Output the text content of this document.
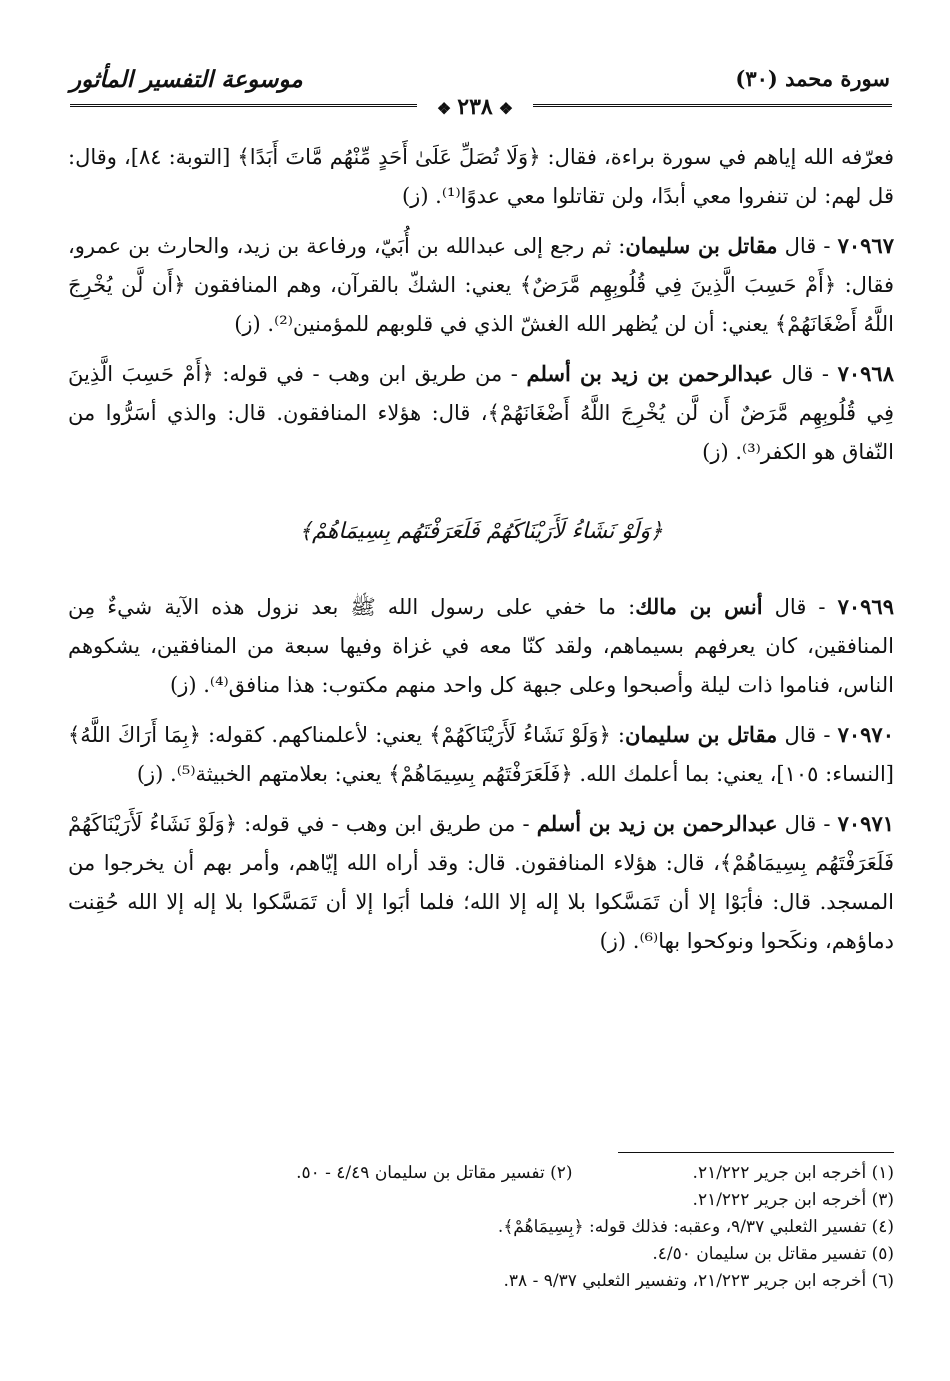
سورة محمد (٣٠)
موسوعة التفسير المأثور
❖ ٢٣٨ ❖

فعرّفه الله إياهم في سورة براءة، فقال: ﴿وَلَا تُصَلِّ عَلَىٰ أَحَدٍ مِّنْهُم مَّاتَ أَبَدًا﴾ [التوبة: ٨٤]، وقال: قل لهم: لن تنفروا معي أبدًا، ولن تقاتلوا معي عدوًا⁽¹⁾. (ز)

٧٠٩٦٧ - قال مقاتل بن سليمان: ثم رجع إلى عبدالله بن أُبَيّ، ورفاعة بن زيد، والحارث بن عمرو، فقال: ﴿أَمْ حَسِبَ الَّذِينَ فِي قُلُوبِهِم مَّرَضٌ﴾ يعني: الشكّ بالقرآن، وهم المنافقون ﴿أَن لَّن يُخْرِجَ اللَّهُ أَضْغَانَهُمْ﴾ يعني: أن لن يُظهر الله الغشّ الذي في قلوبهم للمؤمنين⁽²⁾. (ز)

٧٠٩٦٨ - قال عبدالرحمن بن زيد بن أسلم - من طريق ابن وهب - في قوله: ﴿أَمْ حَسِبَ الَّذِينَ فِي قُلُوبِهِم مَّرَضٌ أَن لَّن يُخْرِجَ اللَّهُ أَضْغَانَهُمْ﴾، قال: هؤلاء المنافقون. قال: والذي أسَرُّوا من النّفاق هو الكفر⁽³⁾. (ز)

﴿وَلَوْ نَشَاءُ لَأَرَيْنَاكَهُمْ فَلَعَرَفْتَهُم بِسِيمَاهُمْ﴾

٧٠٩٦٩ - قال أنس بن مالك: ما خفي على رسول الله ﷺ بعد نزول هذه الآية شيءٌ مِن المنافقين، كان يعرفهم بسيماهم، ولقد كنّا معه في غزاة وفيها سبعة من المنافقين، يشكوهم الناس، فناموا ذات ليلة وأصبحوا وعلى جبهة كل واحد منهم مكتوب: هذا منافق⁽⁴⁾. (ز)

٧٠٩٧٠ - قال مقاتل بن سليمان: ﴿وَلَوْ نَشَاءُ لَأَرَيْنَاكَهُمْ﴾ يعني: لأعلمناكهم. كقوله: ﴿بِمَا أَرَاكَ اللَّهُ﴾ [النساء: ١٠٥]، يعني: بما أعلمك الله. ﴿فَلَعَرَفْتَهُم بِسِيمَاهُمْ﴾ يعني: بعلامتهم الخبيثة⁽⁵⁾. (ز)

٧٠٩٧١ - قال عبدالرحمن بن زيد بن أسلم - من طريق ابن وهب - في قوله: ﴿وَلَوْ نَشَاءُ لَأَرَيْنَاكَهُمْ فَلَعَرَفْتَهُم بِسِيمَاهُمْ﴾، قال: هؤلاء المنافقون. قال: وقد أراه الله إيّاهم، وأمر بهم أن يخرجوا من المسجد. قال: فأبَوْا إلا أن تَمَسَّكوا بلا إله إلا الله؛ فلما أبَوا إلا أن تَمَسَّكوا بلا إله إلا الله حُقِنت دماؤهم، ونكَحوا ونوكحوا بها⁽⁶⁾. (ز)

(١) أخرجه ابن جرير ٢١/٢٢٢.
(٢) تفسير مقاتل بن سليمان ٤/٤٩ - ٥٠.
(٣) أخرجه ابن جرير ٢١/٢٢٢.
(٤) تفسير الثعلبي ٩/٣٧، وعقبه: فذلك قوله: ﴿بِسِيمَاهُمْ﴾.
(٥) تفسير مقاتل بن سليمان ٤/٥٠.
(٦) أخرجه ابن جرير ٢١/٢٢٣، وتفسير الثعلبي ٩/٣٧ - ٣٨.
